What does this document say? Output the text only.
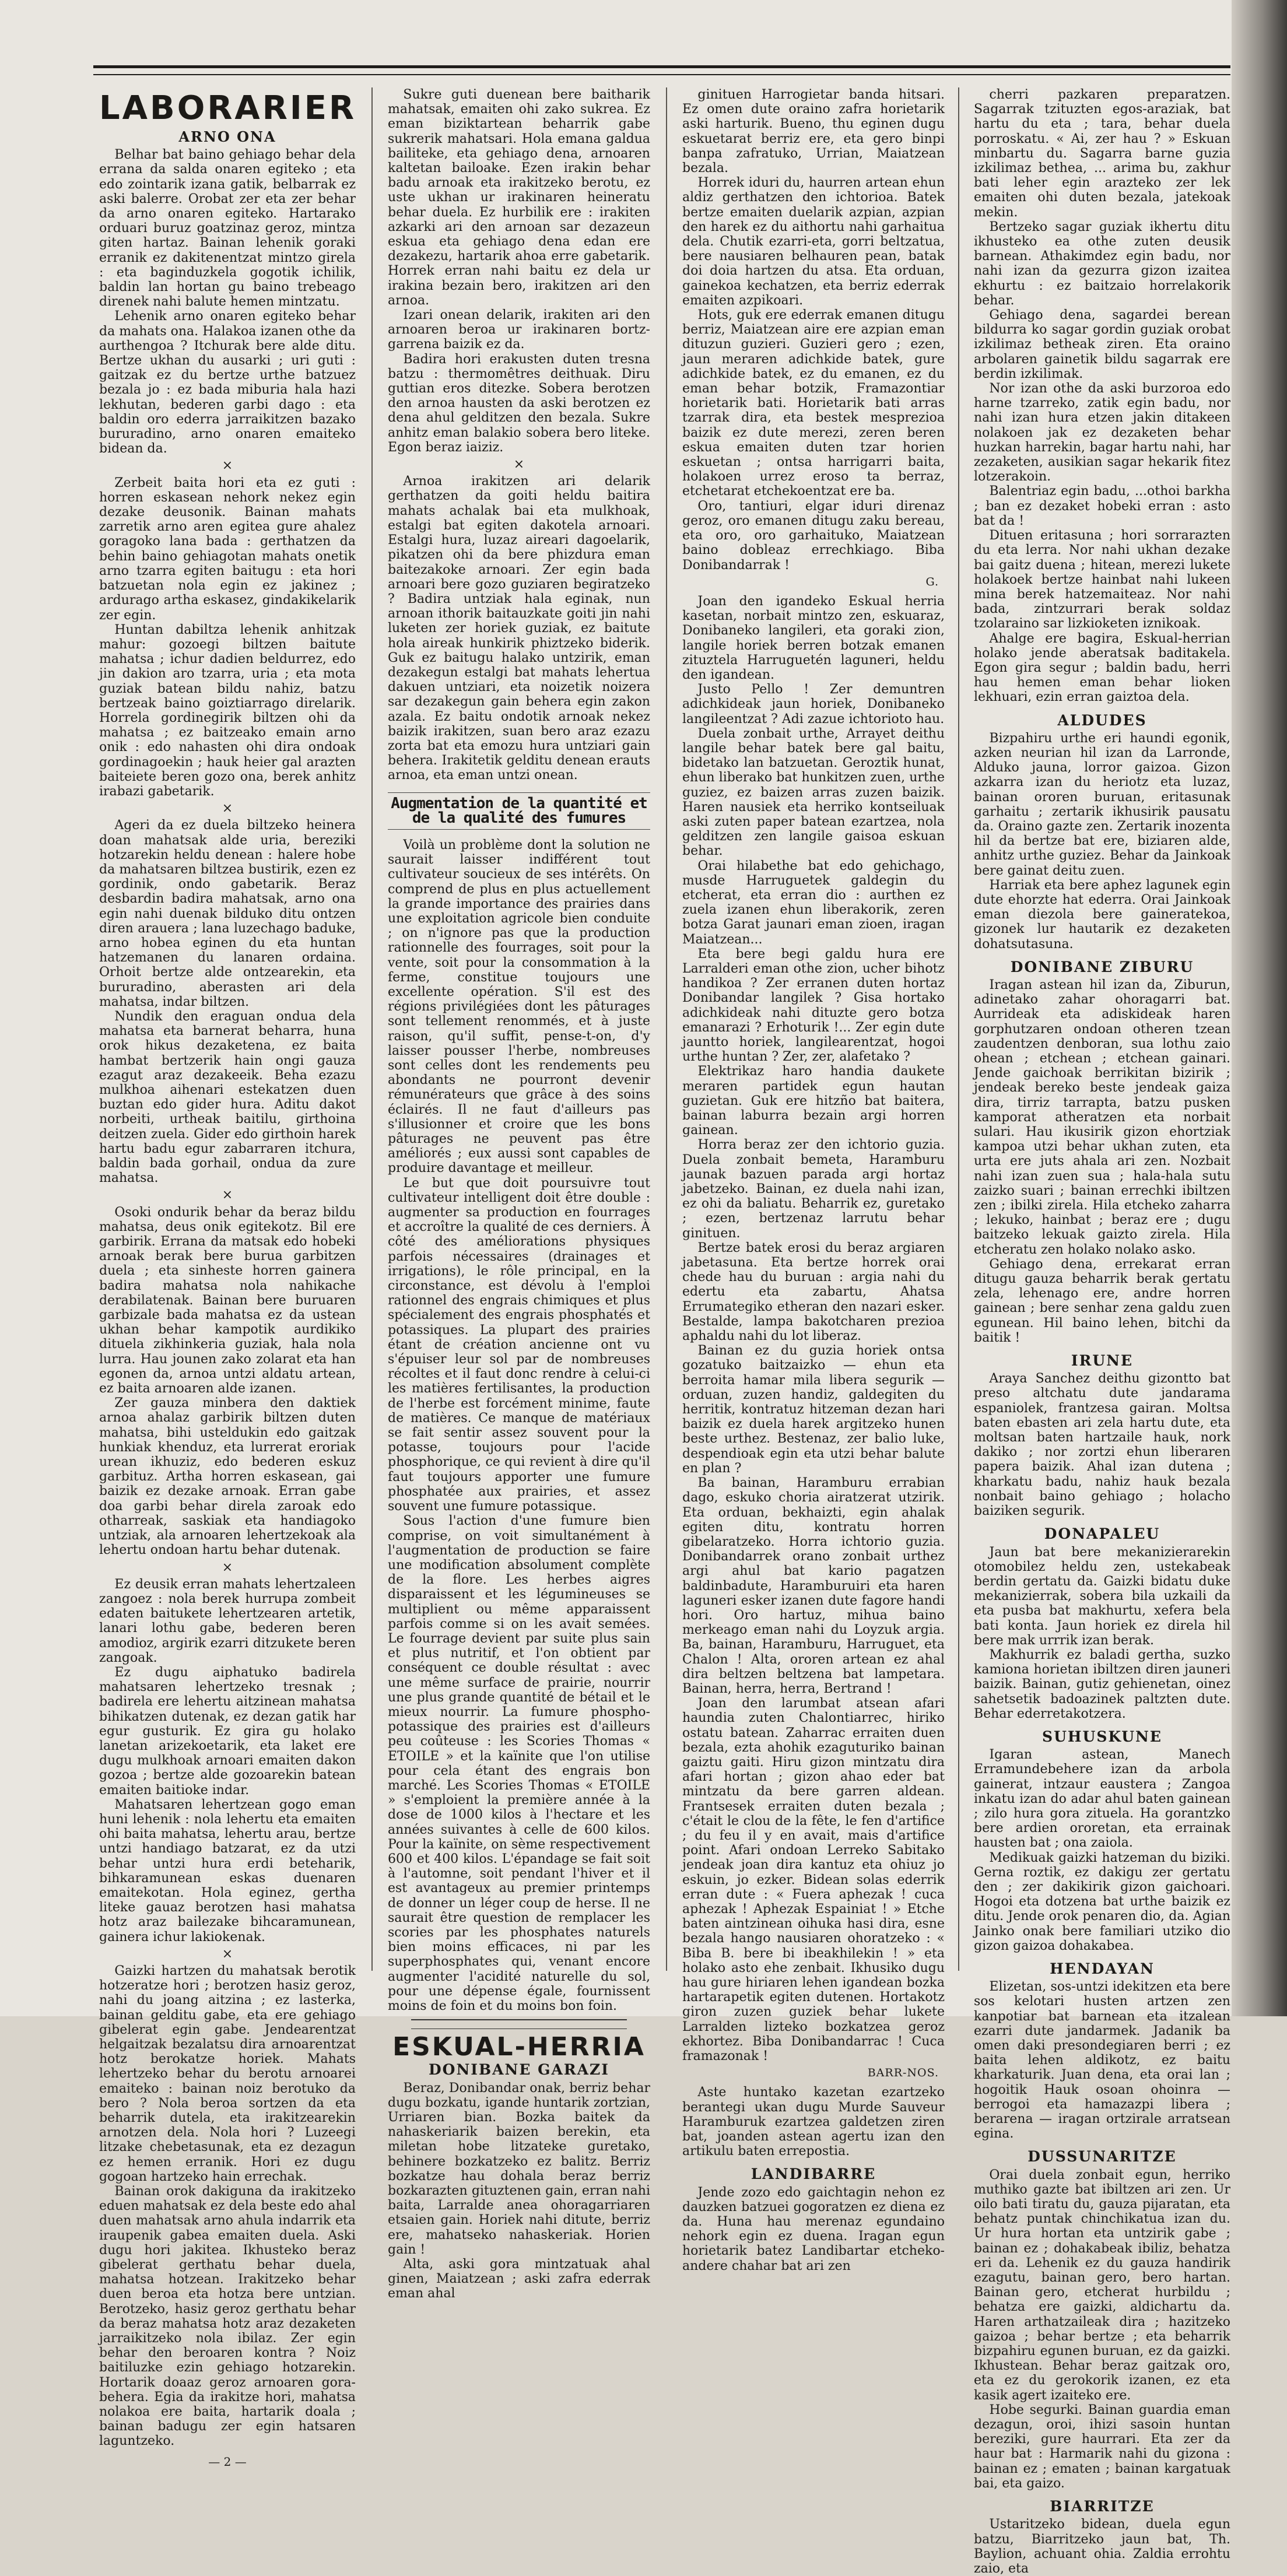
LABORARIER

ARNO ONA

Belhar bat baino gehiago behar dela errana da salda onaren egiteko ; eta edo zointarik izana gatik, belbarrak ez aski balerre. Orobat zer eta zer behar da arno onaren egiteko. Hartarako orduari buruz goatzinaz geroz, mintza giten hartaz. Bainan lehenik goraki erranik ez dakitenentzat mintzo girela : eta baginduzkela gogotik ichilik, baldin lan hortan gu baino trebeago direnek nahi balute hemen mintzatu.

Lehenik arno onaren egiteko behar da mahats ona. Halakoa izanen othe da aurthengoa ? Itchurak bere alde ditu. Bertze ukhan du ausarki ; uri guti : gaitzak ez du bertze urthe batzuez bezala jo : ez bada miburia hala hazi lekhutan, bederen garbi dago : eta baldin oro ederra jarraikitzen bazako bururadino, arno onaren emaiteko bidean da.

×

Zerbeit baita hori eta ez guti : horren eskasean nehork nekez egin dezake deusonik. Bainan mahats zarretik arno aren egitea gure ahalez goragoko lana bada : gerthatzen da behin baino gehiagotan mahats onetik arno tzarra egiten baitugu : eta hori batzuetan nola egin ez jakinez ; ardurago artha eskasez, gindakikelarik zer egin.

Huntan dabiltza lehenik anhitzak mahur: gozoegi biltzen baitute mahatsa ; ichur dadien beldurrez, edo jin dakion aro tzarra, uria ; eta mota guziak batean bildu nahiz, batzu bertzeak baino goiztiarrago direlarik. Horrela gordinegirik biltzen ohi da mahatsa ; ez baitzeako emain arno onik : edo nahasten ohi dira ondoak gordinagoekin ; hauk heier gal arazten baiteiete beren gozo ona, berek anhitz irabazi gabetarik.

×

Ageri da ez duela biltzeko heinera doan mahatsak alde uria, bereziki hotzarekin heldu denean : halere hobe da mahatsaren biltzea bustirik, ezen ez gordinik, ondo gabetarik. Beraz desbardin badira mahatsak, arno ona egin nahi duenak bilduko ditu ontzen diren arauera ; lana luzechago baduke, arno hobea eginen du eta huntan hatzemanen du lanaren ordaina. Orhoit bertze alde ontzearekin, eta bururadino, aberasten ari dela mahatsa, indar biltzen.

Nundik den eraguan ondua dela mahatsa eta barnerat beharra, huna orok hikus dezaketena, ez baita hambat bertzerik hain ongi gauza ezagut araz dezakeeik. Beha ezazu mulkhoa aihenari estekatzen duen buztan edo gider hura. Aditu dakot norbeiti, urtheak baitilu, girthoina deitzen zuela. Gider edo girthoin harek hartu badu egur zabarraren itchura, baldin bada gorhail, ondua da zure mahatsa.

×

Osoki ondurik behar da beraz bildu mahatsa, deus onik egitekotz. Bil ere garbirik. Errana da matsak edo hobeki arnoak berak bere burua garbitzen duela ; eta sinheste horren gainera badira mahatsa nola nahikache derabilatenak. Bainan bere buruaren garbizale bada mahatsa ez da ustean ukhan behar kampotik aurdikiko dituela zikhinkeria guziak, hala nola lurra. Hau jounen zako zolarat eta han egonen da, arnoa untzi aldatu artean, ez baita arnoaren alde izanen.

Zer gauza minbera den daktiek arnoa ahalaz garbirik biltzen duten mahatsa, bihi usteldukin edo gaitzak hunkiak khenduz, eta lurrerat eroriak urean ikhuziz, edo bederen eskuz garbituz. Artha horren eskasean, gai baizik ez dezake arnoak. Erran gabe doa garbi behar direla zaroak edo otharreak, saskiak eta handiagoko untziak, ala arnoaren lehertzekoak ala lehertu ondoan hartu behar dutenak.

×

Ez deusik erran mahats lehertzaleen zangoez : nola berek hurrupa zombeit edaten baitukete lehertzearen artetik, lanari lothu gabe, bederen beren amodioz, argirik ezarri ditzukete beren zangoak.

Ez dugu aiphatuko badirela mahatsaren lehertzeko tresnak ; badirela ere lehertu aitzinean mahatsa bihikatzen dutenak, ez dezan gatik har egur gusturik. Ez gira gu holako lanetan arizekoetarik, eta laket ere dugu mulkhoak arnoari emaiten dakon gozoa ; bertze alde gozoarekin batean emaiten baitioke indar.

Mahatsaren lehertzean gogo eman huni lehenik : nola lehertu eta emaiten ohi baita mahatsa, lehertu arau, bertze untzi handiago batzarat, ez da utzi behar untzi hura erdi beteharik, bihkaramunean eskas duenaren emaitekotan. Hola eginez, gertha liteke gauaz berotzen hasi mahatsa hotz araz bailezake bihcaramunean, gainera ichur lakiokenak.

×

Gaizki hartzen du mahatsak berotik hotzeratze hori ; berotzen hasiz geroz, nahi du joang aitzina ; ez lasterka, bainan gelditu gabe, eta ere gehiago gibelerat egin gabe. Jendearentzat helgaitzak bezalatsu dira arnoarentzat hotz berokatze horiek. Mahats lehertzeko behar du berotu arnoarei emaiteko : bainan noiz berotuko da bero ? Nola beroa sortzen da eta beharrik dutela, eta irakitzearekin arnotzen dela. Nola hori ? Luzeegi litzake chebetasunak, eta ez dezagun ez hemen erranik. Hori ez dugu gogoan hartzeko hain errechak.

Bainan orok dakiguna da irakitzeko eduen mahatsak ez dela beste edo ahal duen mahatsak arno ahula indarrik eta iraupenik gabea emaiten duela. Aski dugu hori jakitea. Ikhusteko beraz gibelerat gerthatu behar duela, mahatsa hotzean. Irakitzeko behar duen beroa eta hotza bere untzian. Berotzeko, hasiz geroz gerthatu behar da beraz mahatsa hotz araz dezaketen jarraikitzeko nola ibilaz. Zer egin behar den beroaren kontra ? Noiz baitiluzke ezin gehiago hotzarekin. Hortarik doaaz geroz arnoaren gora-behera. Egia da irakitze hori, mahatsa nolakoa ere baita, hartarik doala ; bainan badugu zer egin hatsaren laguntzeko.

— 2 —

Sukre guti duenean bere baitharik mahatsak, emaiten ohi zako sukrea. Ez eman biziktartean beharrik gabe sukrerik mahatsari. Hola emana galdua bailiteke, eta gehiago dena, arnoaren kaltetan bailoake. Ezen irakin behar badu arnoak eta irakitzeko berotu, ez uste ukhan ur irakinaren heineratu behar duela. Ez hurbilik ere : irakiten azkarki ari den arnoan sar dezazeun eskua eta gehiago dena edan ere dezakezu, hartarik ahoa erre gabetarik. Horrek erran nahi baitu ez dela ur irakina bezain bero, irakitzen ari den arnoa.

Izari onean delarik, irakiten ari den arnoaren beroa ur irakinaren bortz-garrena baizik ez da.

Badira hori erakusten duten tresna batzu : thermomêtres deithuak. Diru guttian eros ditezke. Sobera berotzen den arnoa hausten da aski berotzen ez dena ahul gelditzen den bezala. Sukre anhitz eman balakio sobera bero liteke. Egon beraz iaiziz.

×

Arnoa irakitzen ari delarik gerthatzen da goiti heldu baitira mahats achalak bai eta mulkhoak, estalgi bat egiten dakotela arnoari. Estalgi hura, luzaz aireari dagoelarik, pikatzen ohi da bere phizdura eman baitezakoke arnoari. Zer egin bada arnoari bere gozo guziaren begiratzeko ? Badira untziak hala eginak, nun arnoan ithorik baitauzkate goiti jin nahi luketen zer horiek guziak, ez baitute hola aireak hunkirik phiztzeko biderik. Guk ez baitugu halako untzirik, eman dezakegun estalgi bat mahats lehertua dakuen untziari, eta noizetik noizera sar dezakegun gain behera egin zakon azala. Ez baitu ondotik arnoak nekez baizik irakitzen, suan bero araz ezazu zorta bat eta emozu hura untziari gain behera. Irakitetik gelditu denean erauts arnoa, eta eman untzi onean.

Augmentation de la quantité et de la qualité des fumures

Voilà un problème dont la solution ne saurait laisser indifférent tout cultivateur soucieux de ses intérêts. On comprend de plus en plus actuellement la grande importance des prairies dans une exploitation agricole bien conduite ; on n'ignore pas que la production rationnelle des fourrages, soit pour la vente, soit pour la consommation à la ferme, constitue toujours une excellente opération. S'il est des régions privilégiées dont les pâturages sont tellement renommés, et à juste raison, qu'il suffit, pense-t-on, d'y laisser pousser l'herbe, nombreuses sont celles dont les rendements peu abondants ne pourront devenir rémunérateurs que grâce à des soins éclairés. Il ne faut d'ailleurs pas s'illusionner et croire que les bons pâturages ne peuvent pas être améliorés ; eux aussi sont capables de produire davantage et meilleur.

Le but que doit poursuivre tout cultivateur intelligent doit être double : augmenter sa production en fourrages et accroître la qualité de ces derniers. À côté des améliorations physiques parfois nécessaires (drainages et irrigations), le rôle principal, en la circonstance, est dévolu à l'emploi rationnel des engrais chimiques et plus spécialement des engrais phosphatés et potassiques. La plupart des prairies étant de création ancienne ont vu s'épuiser leur sol par de nombreuses récoltes et il faut donc rendre à celui-ci les matières fertilisantes, la production de l'herbe est forcément minime, faute de matières. Ce manque de matériaux se fait sentir assez souvent pour la potasse, toujours pour l'acide phosphorique, ce qui revient à dire qu'il faut toujours apporter une fumure phosphatée aux prairies, et assez souvent une fumure potassique.

Sous l'action d'une fumure bien comprise, on voit simultanément à l'augmentation de production se faire une modification absolument complète de la flore. Les herbes aigres disparaissent et les légumineuses se multiplient ou même apparaissent parfois comme si on les avait semées. Le fourrage devient par suite plus sain et plus nutritif, et l'on obtient par conséquent ce double résultat : avec une même surface de prairie, nourrir une plus grande quantité de bétail et le mieux nourrir. La fumure phospho-potassique des prairies est d'ailleurs peu coûteuse : les Scories Thomas « ETOILE » et la kaïnite que l'on utilise pour cela étant des engrais bon marché. Les Scories Thomas « ETOILE » s'emploient la première année à la dose de 1000 kilos à l'hectare et les années suivantes à celle de 600 kilos. Pour la kaïnite, on sème respectivement 600 et 400 kilos. L'épandage se fait soit à l'automne, soit pendant l'hiver et il est avantageux au premier printemps de donner un léger coup de herse. Il ne saurait être question de remplacer les scories par les phosphates naturels bien moins efficaces, ni par les superphosphates qui, venant encore augmenter l'acidité naturelle du sol, pour une dépense égale, fournissent moins de foin et du moins bon foin.

ESKUAL-HERRIA

DONIBANE GARAZI

Beraz, Donibandar onak, berriz behar dugu bozkatu, igande huntarik zortzian, Urriaren bian. Bozka baitek da nahaskeriarik baizen berekin, eta miletan hobe litzateke guretako, behinere bozkatzeko ez balitz. Berriz bozkatze hau dohala beraz berriz bozkarazten gituztenen gain, erran nahi baita, Larralde anea ohoragarriaren etsaien gain. Horiek nahi ditute, berriz ere, mahatseko nahaskeriak. Horien gain !

Alta, aski gora mintzatuak ahal ginen, Maiatzean ; aski zafra ederrak eman ahal

ginituen Harrogietar banda hitsari. Ez omen dute oraino zafra horietarik aski harturik. Bueno, thu eginen dugu eskuetarat berriz ere, eta gero binpi banpa zafratuko, Urrian, Maiatzean bezala.

Horrek iduri du, haurren artean ehun aldiz gerthatzen den ichtorioa. Batek bertze emaiten duelarik azpian, azpian den harek ez du aithortu nahi garhaitua dela. Chutik ezarri-eta, gorri beltzatua, bere nausiaren belhauren pean, batak doi doia hartzen du atsa. Eta orduan, gainekoa kechatzen, eta berriz ederrak emaiten azpikoari.

Hots, guk ere ederrak emanen ditugu berriz, Maiatzean aire ere azpian eman dituzun guzieri. Guzieri gero ; ezen, jaun meraren adichkide batek, gure adichkide batek, ez du emanen, ez du eman behar botzik, Framazontiar horietarik bati. Horietarik bati arras tzarrak dira, eta bestek mesprezioa baizik ez dute merezi, zeren beren eskua emaiten duten tzar horien eskuetan ; ontsa harrigarri baita, holakoen urrez eroso ta berraz, etchetarat etchekoentzat ere ba.

Oro, tantiuri, elgar iduri direnaz geroz, oro emanen ditugu zaku bereau, eta oro, oro garhaituko, Maiatzean baino dobleaz errechkiago. Biba Donibandarrak !

G.

Joan den igandeko Eskual herria kasetan, norbait mintzo zen, eskuaraz, Donibaneko langileri, eta goraki zion, langile horiek berren botzak emanen zituztela Harruguetén laguneri, heldu den igandean.

Justo Pello ! Zer demuntren adichkideak jaun horiek, Donibaneko langileentzat ? Adi zazue ichtorioto hau.

Duela zonbait urthe, Arrayet deithu langile behar batek bere gal baitu, bidetako lan batzuetan. Geroztik hunat, ehun liberako bat hunkitzen zuen, urthe guziez, ez baizen arras zuzen baizik. Haren nausiek eta herriko kontseiluak aski zuten paper batean ezartzea, nola gelditzen zen langile gaisoa eskuan behar.

Orai hilabethe bat edo gehichago, musde Harruguetek galdegin du etcherat, eta erran dio : aurthen ez zuela izanen ehun liberakorik, zeren botza Garat jaunari eman zioen, iragan Maiatzean...

Eta bere begi galdu hura ere Larralderi eman othe zion, ucher bihotz handikoa ? Zer erranen duten hortaz Donibandar langilek ? Gisa hortako adichkideak nahi dituzte gero botza emanarazi ? Erhoturik !... Zer egin dute jauntto horiek, langilearentzat, hogoi urthe huntan ? Zer, zer, alafetako ?

Elektrikaz haro handia daukete meraren partidek egun hautan guzietan. Guk ere hitzño bat baitera, bainan laburra bezain argi horren gainean.

Horra beraz zer den ichtorio guzia. Duela zonbait bemeta, Haramburu jaunak bazuen parada argi hortaz jabetzeko. Bainan, ez duela nahi izan, ez ohi da baliatu. Beharrik ez, guretako ; ezen, bertzenaz larrutu behar ginituen.

Bertze batek erosi du beraz argiaren jabetasuna. Eta bertze horrek orai chede hau du buruan : argia nahi du edertu eta zabartu, Ahatsa Errumategiko etheran den nazari esker. Bestalde, lampa bakotcharen prezioa aphaldu nahi du lot liberaz.

Bainan ez du guzia horiek ontsa gozatuko baitzaizko — ehun eta berroita hamar mila libera segurik — orduan, zuzen handiz, galdegiten du herritik, kontratuz hitzeman dezan hari baizik ez duela harek argitzeko hunen beste urthez. Bestenaz, zer balio luke, despendioak egin eta utzi behar balute en plan ?

Ba bainan, Haramburu errabian dago, eskuko choria airatzerat utzirik. Eta orduan, bekhaizti, egin ahalak egiten ditu, kontratu horren gibelaratzeko. Horra ichtorio guzia. Donibandarrek orano zonbait urthez argi ahul bat kario pagatzen baldinbadute, Haramburuiri eta haren laguneri esker izanen dute fagore handi hori. Oro hartuz, mihua baino merkeago eman nahi du Loyzuk argia. Ba, bainan, Haramburu, Harruguet, eta Chalon ! Alta, ororen artean ez ahal dira beltzen beltzena bat lampetara. Bainan, herra, herra, Bertrand !

Joan den larumbat atsean afari haundia zuten Chalontiarrec, hiriko ostatu batean. Zaharrac erraiten duen bezala, ezta ahohik ezaguturiko bainan gaiztu gaiti. Hiru gizon mintzatu dira afari hortan ; gizon ahao eder bat mintzatu da bere garren aldean. Frantsesek erraiten duten bezala ; c'était le clou de la fête, le fen d'artifice ; du feu il y en avait, mais d'artifice point. Afari ondoan Lerreko Sabitako jendeak joan dira kantuz eta ohiuz jo eskuin, jo ezker. Bidean solas ederrik erran dute : « Fuera aphezak ! cuca aphezak ! Aphezak Espainiat ! » Etche baten aintzinean oihuka hasi dira, esne bezala hango nausiaren ohoratzeko : « Biba B. bere bi ibeakhilekin ! » eta holako asto ehe zenbait. Ikhusiko dugu hau gure hiriaren lehen igandean bozka hartarapetik egiten dutenen. Hortakotz giron zuzen guziek behar lukete Larralden lizteko bozkatzea geroz ekhortez. Biba Donibandarrac ! Cuca framazonak !

BARR-NOS.

Aste huntako kazetan ezartzeko berantegi ukan dugu Murde Sauveur Haramburuk ezartzea galdetzen ziren bat, joanden astean agertu izan den artikulu baten errepostia.

LANDIBARRE

Jende zozo edo gaichtagin nehon ez dauzken batzuei gogoratzen ez diena ez da. Huna hau merenaz egundaino nehork egin ez duena. Iragan egun horietarik batez Landibartar etcheko-andere chahar bat ari zen

cherri pazkaren preparatzen. Sagarrak tzituzten egos-araziak, bat hartu du eta ; tara, behar duela porroskatu. « Ai, zer hau ? » Eskuan minbartu du. Sagarra barne guzia izkilimaz bethea, ... arima bu, zakhur bati leher egin arazteko zer lek emaiten ohi duten bezala, jatekoak mekin.

Bertzeko sagar guziak ikhertu ditu ikhusteko ea othe zuten deusik barnean. Athakimdez egin badu, nor nahi izan da gezurra gizon izaitea ekhurtu : ez baitzaio horrelakorik behar.

Gehiago dena, sagardei berean bildurra ko sagar gordin guziak orobat izkilimaz betheak ziren. Eta oraino arbolaren gainetik bildu sagarrak ere berdin izkilimak.

Nor izan othe da aski burzoroa edo harne tzarreko, zatik egin badu, nor nahi izan hura etzen jakin ditakeen nolakoen jak ez dezaketen behar huzkan harrekin, bagar hartu nahi, har zezaketen, ausikian sagar hekarik fitez lotzerakoin.

Balentriaz egin badu, ...othoi barkha ; ban ez dezaket hobeki erran : asto bat da !

Dituen eritasuna ; hori sorrarazten du eta lerra. Nor nahi ukhan dezake bai gaitz duena ; hitean, merezi lukete holakoek bertze hainbat nahi lukeen mina berek hatzemaiteaz. Nor nahi bada, zintzurrari berak soldaz tzolaraino sar lizkioketen iznikoak.

Ahalge ere bagira, Eskual-herrian holako jende aberatsak baditakela. Egon gira segur ; baldin badu, herri hau hemen eman behar lioken lekhuari, ezin erran gaiztoa dela.

ALDUDES

Bizpahiru urthe eri haundi egonik, azken neurian hil izan da Larronde, Alduko jauna, lorror gaizoa. Gizon azkarra izan du heriotz eta luzaz, bainan ororen buruan, eritasunak garhaitu ; zertarik ikhusirik pausatu da. Oraino gazte zen. Zertarik inozenta hil da bertze bat ere, biziaren alde, anhitz urthe guziez. Behar da Jainkoak bere gainat deitu zuen.

Harriak eta bere aphez lagunek egin dute ehorzte hat ederra. Orai Jainkoak eman diezola bere gaineratekoa, gizonek lur hautarik ez dezaketen dohatsutasuna.

DONIBANE ZIBURU

Iragan astean hil izan da, Ziburun, adinetako zahar ohoragarri bat. Aurrideak eta adiskideak haren gorphutzaren ondoan otheren tzean zaudentzen denboran, sua lothu zaio ohean ; etchean ; etchean gainari. Jende gaichoak berrikitan bizirik ; jendeak bereko beste jendeak gaiza dira, tirriz tarrapta, batzu pusken kamporat atheratzen eta norbait sulari. Hau ikusirik gizon ehortziak kampoa utzi behar ukhan zuten, eta urta ere juts ahala ari zen. Nozbait nahi izan zuen sua ; hala-hala sutu zaizko suari ; bainan errechki ibiltzen zen ; ibilki zirela. Hila etcheko zaharra ; lekuko, hainbat ; beraz ere ; dugu baitzeko lekuak gaizto zirela. Hila etcheratu zen holako nolako asko.

Gehiago dena, errekarat erran ditugu gauza beharrik berak gertatu zela, lehenago ere, andre horren gainean ; bere senhar zena galdu zuen egunean. Hil baino lehen, bitchi da baitik !

IRUNE

Araya Sanchez deithu gizontto bat preso altchatu dute jandarama espaniolek, frantzesa gairan. Moltsa baten ebasten ari zela hartu dute, eta moltsan baten hartzaile hauk, nork dakiko ; nor zortzi ehun liberaren papera baizik. Ahal izan dutena ; kharkatu badu, nahiz hauk bezala nonbait baino gehiago ; holacho baiziken segurik.

DONAPALEU

Jaun bat bere mekanizierarekin otomobilez heldu zen, ustekabeak berdin gertatu da. Gaizki bidatu duke mekanizierrak, sobera bila uzkaili da eta pusba bat makhurtu, xefera bela bati konta. Jaun horiek ez direla hil bere mak urrrik izan berak.

Makhurrik ez baladi gertha, suzko kamiona horietan ibiltzen diren jauneri baizik. Bainan, gutiz gehienetan, oinez sahetsetik badoazinek paltzten dute. Behar ederretakotzera.

SUHUSKUNE

Igaran astean, Manech Erramundebehere izan da arbola gainerat, intzaur eaustera ; Zangoa inkatu izan do adar ahul baten gainean ; zilo hura gora zituela. Ha gorantzko bere ardien ororetan, eta errainak hausten bat ; ona zaiola.

Medikuak gaizki hatzeman du biziki. Gerna roztik, ez dakigu zer gertatu den ; zer dakikirik gizon gaichoari. Hogoi eta dotzena bat urthe baizik ez ditu. Jende orok penaren dio, da. Agian Jainko onak bere familiari utziko dio gizon gaizoa dohakabea.

HENDAYAN

Elizetan, sos-untzi idekitzen eta bere sos kelotari husten artzen zen kanpotiar bat barnean eta itzalean ezarri dute jandarmek. Jadanik ba omen daki presondegiaren berri ; ez baita lehen aldikotz, ez baitu kharkaturik. Juan dena, eta orai lan ; hogoitik Hauk osoan ohoinra — berrogoi eta hamazazpi libera ; berarena — iragan ortzirale arratsean egina.

DUSSUNARITZE

Orai duela zonbait egun, herriko muthiko gazte bat ibiltzen ari zen. Ur oilo bati tiratu du, gauza pijaratan, eta behatz puntak chinchikatua izan du. Ur hura hortan eta untzirik gabe ; bainan ez ; dohakabeak ibiliz, behatza eri da. Lehenik ez du gauza handirik ezagutu, bainan gero, bero hartan. Bainan gero, etcherat hurbildu ; behatza ere gaizki, aldichartu da. Haren arthatzaileak dira ; hazitzeko gaizoa ; behar bertze ; eta beharrik bizpahiru egunen buruan, ez da gaizki. Ikhustean. Behar beraz gaitzak oro, eta ez du gerokorik izanen, ez eta kasik agert izaiteko ere.

Hobe segurki. Bainan guardia eman dezagun, oroi, ihizi sasoin huntan bereziki, gure haurrari. Eta zer da haur bat : Harmarik nahi du gizona : bainan ez ; ematen ; bainan kargatuak bai, eta gaizo.

BIARRITZE

Ustaritzeko bidean, duela egun batzu, Biarritzeko jaun bat, Th. Baylion, achuant ohia. Zaldia errohtu zaio, eta
